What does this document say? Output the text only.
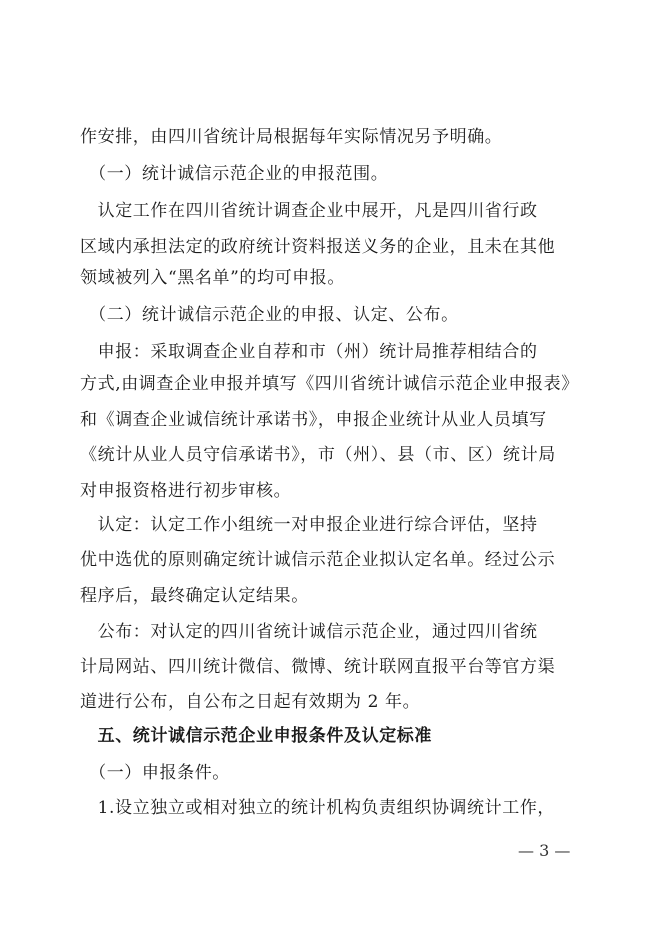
作安排，由四川省统计局根据每年实际情况另予明确。
　（一）统计诚信示范企业的申报范围。
　认定工作在四川省统计调查企业中展开，凡是四川省行政
区域内承担法定的政府统计资料报送义务的企业，且未在其他
领域被列入“黑名单”的均可申报。
　（二）统计诚信示范企业的申报、认定、公布。
　申报：采取调查企业自荐和市（州）统计局推荐相结合的
方式,由调查企业申报并填写《四川省统计诚信示范企业申报表》
和《调查企业诚信统计承诺书》，申报企业统计从业人员填写
《统计从业人员守信承诺书》，市（州）、县（市、区）统计局
对申报资格进行初步审核。
　认定：认定工作小组统一对申报企业进行综合评估，坚持
优中选优的原则确定统计诚信示范企业拟认定名单。经过公示
程序后，最终确定认定结果。
　公布：对认定的四川省统计诚信示范企业，通过四川省统
计局网站、四川统计微信、微博、统计联网直报平台等官方渠
道进行公布，自公布之日起有效期为 2 年。
　五、统计诚信示范企业申报条件及认定标准
　（一）申报条件。
　1.设立独立或相对独立的统计机构负责组织协调统计工作，
— 3 —
